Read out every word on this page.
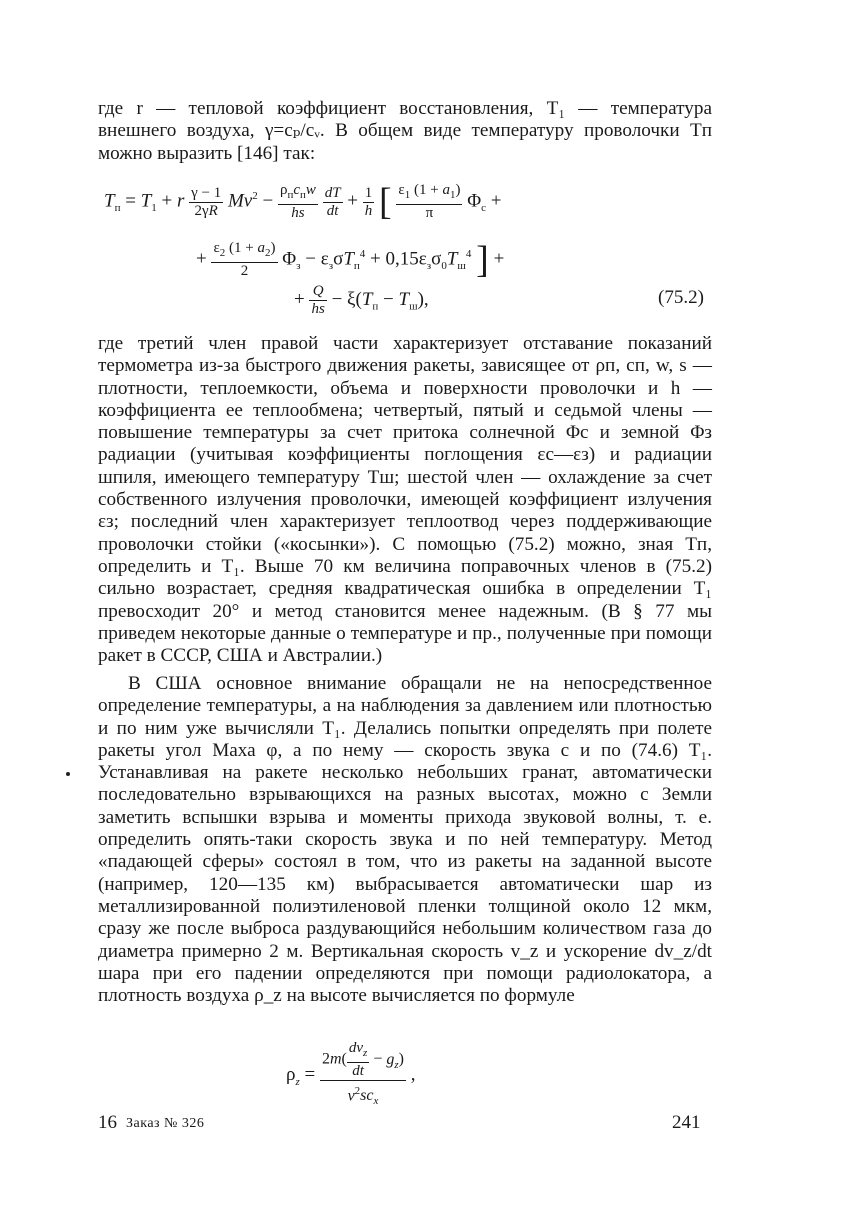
где r — тепловой коэффициент восстановления, T₁ — температура внешнего воздуха, γ=cₚ/cᵥ. В общем виде температуру проволочки Tп можно выразить [146] так:

$T_п = T_1 + r \frac{\gamma - 1}{2\gamma R} Mv^2 - \frac{\rho_пc_пw}{hs}$
$\frac{dT}{dt} + \frac{1}{h}$ [ $\frac{\varepsilon_1 (1 + a_1)}{\pi} \Phi_с$ +
+ $\frac{\varepsilon_2 (1 + a_2)}{2} \Phi_з - \varepsilon_з\sigma T_п^4 + 0,15\varepsilon_з\sigma_0T_ш^4$ ] +
+ $\frac{Q}{hs} - \xi(T_п - T_ш)$,	(75.2)

где третий член правой части характеризует отставание показаний термометра из-за быстрого движения ракеты, зависящее от ρп, cп, w, s — плотности, теплоемкости, объема и поверхности проволочки и h — коэффициента ее теплообмена; четвертый, пятый и седьмой члены — повышение температуры за счет притока солнечной Φс и земной Φз радиации (учитывая коэффициенты поглощения εс—εз) и радиации шпиля, имеющего температуру Tш; шестой член — охлаждение за счет собственного излучения проволочки, имеющей коэффициент излучения εз; последний член характеризует теплоотвод через поддерживающие проволочки стойки («косынки»). С помощью (75.2) можно, зная Tп, определить и T₁. Выше 70 км величина поправочных членов в (75.2) сильно возрастает, средняя квадратическая ошибка в определении T₁ превосходит 20° и метод становится менее надежным. (В § 77 мы приведем некоторые данные о температуре и пр., полученные при помощи ракет в СССР, США и Австралии.)

В США основное внимание обращали не на непосредственное определение температуры, а на наблюдения за давлением или плотностью и по ним уже вычисляли T₁. Делались попытки определять при полете ракеты угол Маха φ, а по нему — скорость звука c и по (74.6) T₁. Устанавливая на ракете несколько небольших гранат, автоматически последовательно взрывающихся на разных высотах, можно с Земли заметить вспышки взрыва и моменты прихода звуковой волны, т. е. определить опять-таки скорость звука и по ней температуру. Метод «падающей сферы» состоял в том, что из ракеты на заданной высоте (например, 120—135 км) выбрасывается автоматически шар из металлизированной полиэтиленовой пленки толщиной около 12 мкм, сразу же после выброса раздувающийся небольшим количеством газа до диаметра примерно 2 м. Вертикальная скорость v_z и ускорение dv_z/dt шара при его падении определяются при помощи радиолокатора, а плотность воздуха ρ_z на высоте вычисляется по формуле

$\rho_z = \frac{2m( \frac{dv_z}{dt} - g_z)}{v^2sc_x}$ ,
16 Заказ № 326	241
